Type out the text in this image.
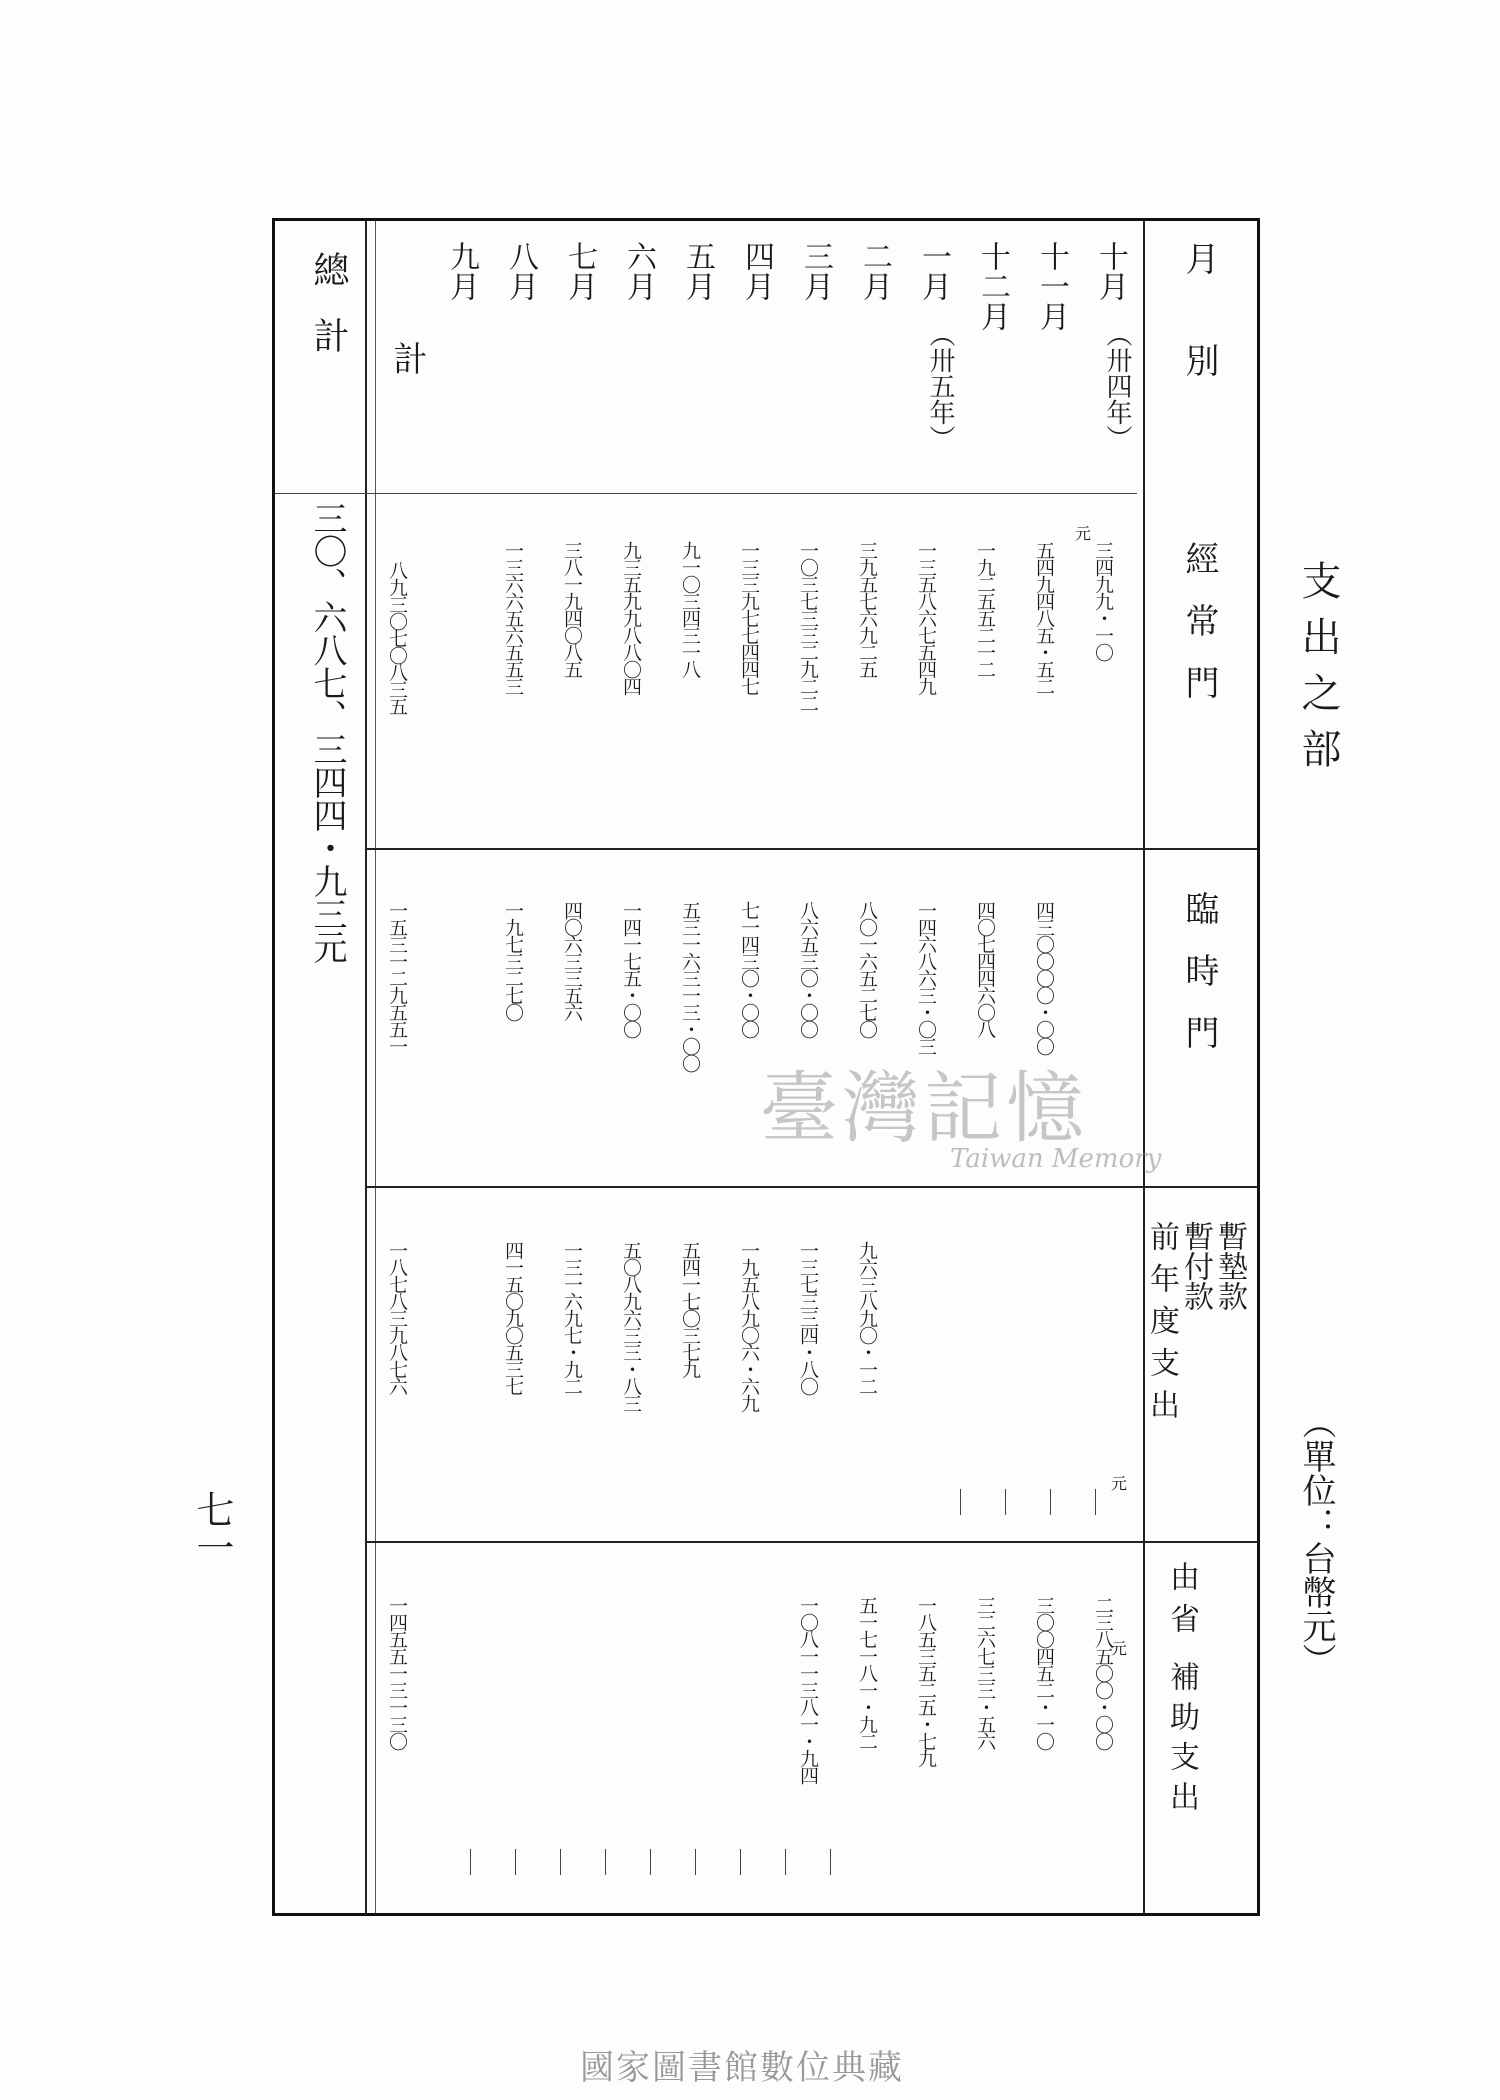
支出之部
（單位：台幣元）
七一
國家圖書館數位典藏
月　　別
經常門
臨時門
暫墊款
暫付款
前年度支出
由省
補助支出
總計
三〇、六八七、三四四・九三元
計
十月
（卅四年）
十一月
十二月
一月
（卅五年）
二月
三月
四月
五月
六月
七月
八月
九月
三四九九・一〇
二三八五〇〇・〇〇
五四九四八五・五二
四三〇〇〇〇・〇〇
三〇〇四五二・一〇
一九二五五二一二
四〇七四四六〇八
三二六七三三・五六
一三五八六七五四九
一四六八六三・〇三
一八五三五二五・七九
三九五七六九二五
八〇一六五二七〇
九六三八九〇・一二
五一七一八一・九二
一〇三七三三二九二二
八六五三〇・〇〇
一三七三三四・八〇
一〇八一一三八一・九四
一三三九七七四四七
七一四三〇・〇〇
一九五八九〇六・六九
九一〇三四三一八
五三一六三一三・〇〇
五四一七〇三七九
九三五九九八八〇四
一四一七五・〇〇
五〇八九六三三・八三
三八一九四〇八五
四〇六三三五六
一三一六九七・九二
一三六六五六五五三
一九七三二七〇
四一五〇九〇五三七
八九三〇七〇八三五
一五三一二九五五一
一八七八三九八七六
一四五五一三一三〇
元
元
元
臺灣記憶
Taiwan Memory
